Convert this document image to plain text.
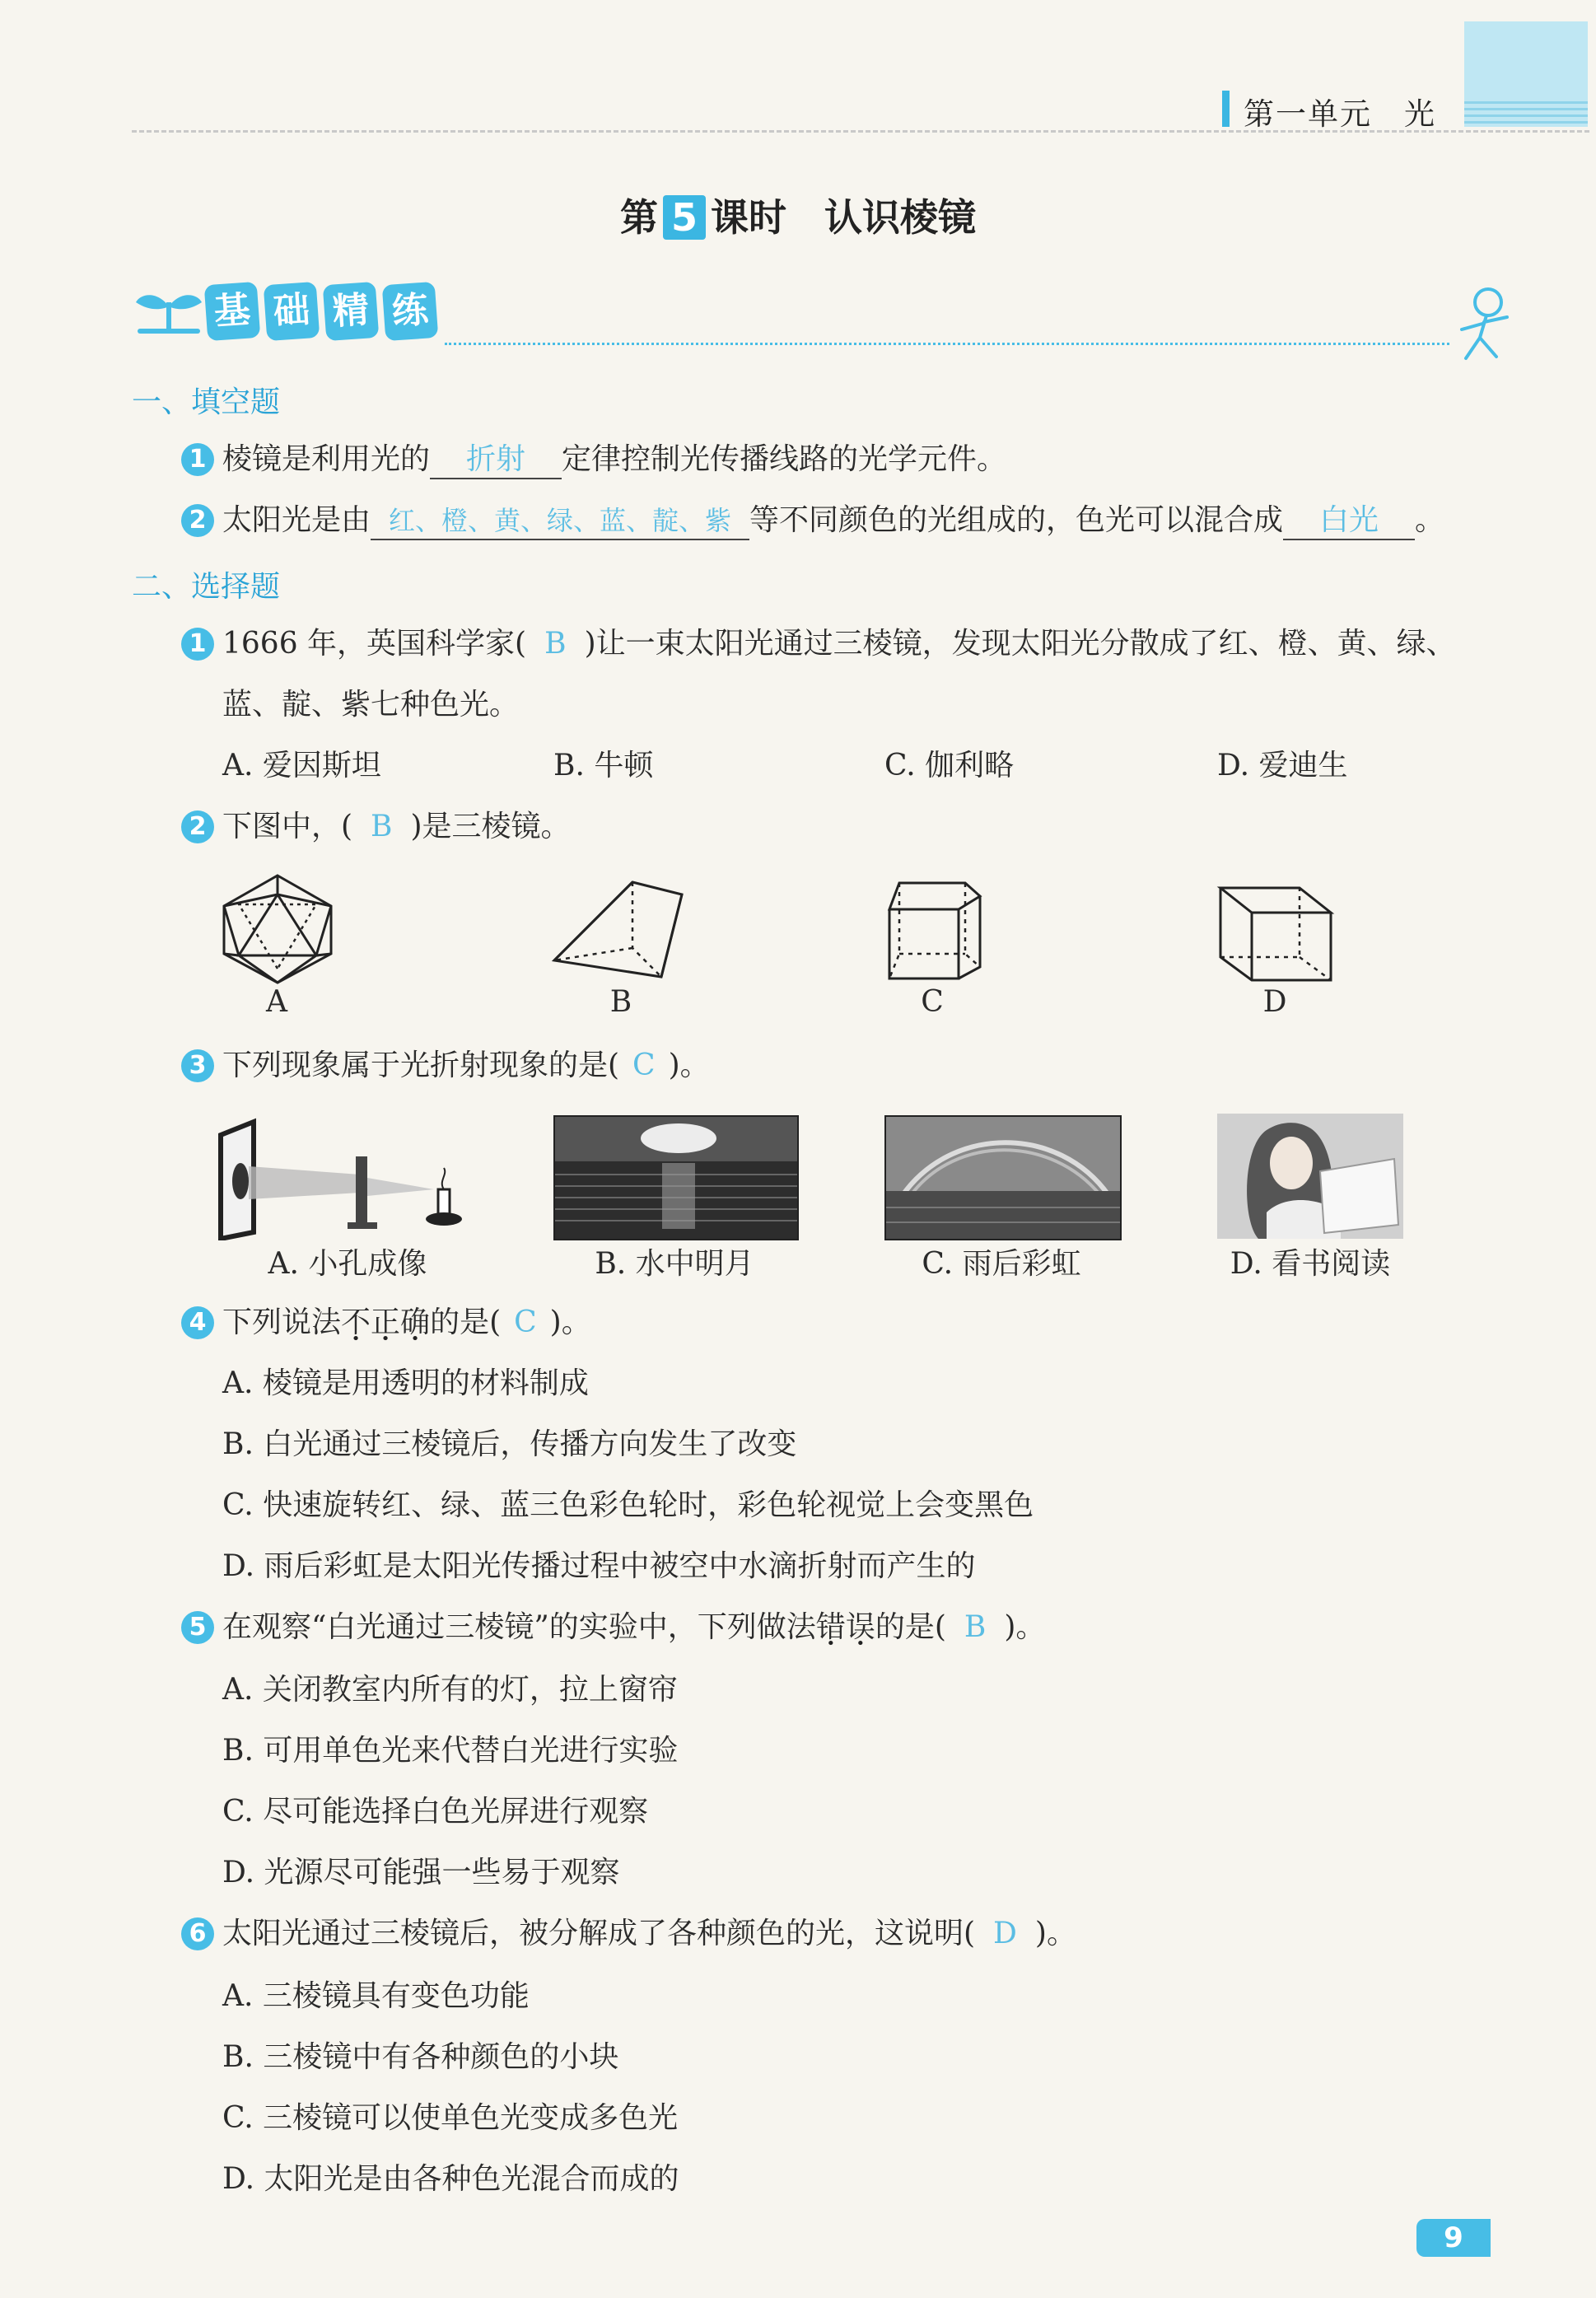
第一单元　光
第 5 课时　认识棱镜
基 础 精 练
一、填空题
1 棱镜是利用光的 折射 定律控制光传播线路的光学元件。
2 太阳光是由 红、橙、黄、绿、蓝、靛、紫 等不同颜色的光组成的，色光可以混合成 白光 。
二、选择题
1 1666 年，英国科学家( B )让一束太阳光通过三棱镜，发现太阳光分散成了红、橙、黄、绿、
蓝、靛、紫七种色光。
A. 爱因斯坦	B. 牛顿	C. 伽利略	D. 爱迪生
2 下图中，( B )是三棱镜。
A	B	C	D
3 下列现象属于光折射现象的是( C )。
A. 小孔成像	B. 水中明月	C. 雨后彩虹	D. 看书阅读
4 下列说法不正确的是( C )。
A. 棱镜是用透明的材料制成
B. 白光通过三棱镜后，传播方向发生了改变
C. 快速旋转红、绿、蓝三色彩色轮时，彩色轮视觉上会变黑色
D. 雨后彩虹是太阳光传播过程中被空中水滴折射而产生的
5 在观察“白光通过三棱镜”的实验中，下列做法错误的是( B )。
A. 关闭教室内所有的灯，拉上窗帘
B. 可用单色光来代替白光进行实验
C. 尽可能选择白色光屏进行观察
D. 光源尽可能强一些易于观察
6 太阳光通过三棱镜后，被分解成了各种颜色的光，这说明( D )。
A. 三棱镜具有变色功能
B. 三棱镜中有各种颜色的小块
C. 三棱镜可以使单色光变成多色光
D. 太阳光是由各种色光混合而成的
9
